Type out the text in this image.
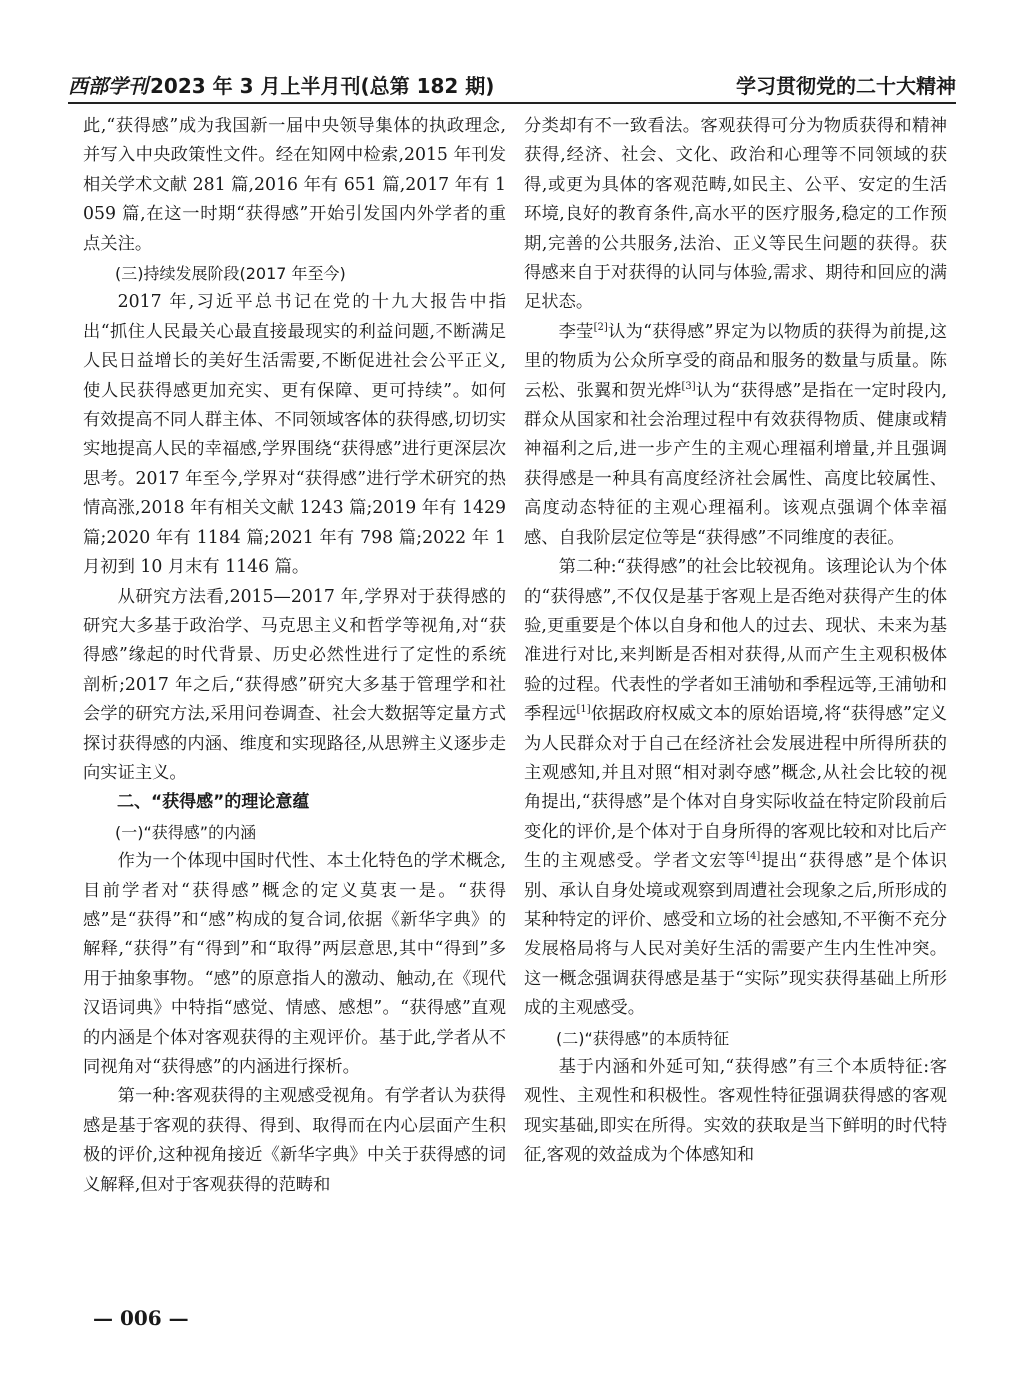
西部学刊 2023 年 3 月上半月刊(总第 182 期)	学习贯彻党的二十大精神

此,“获得感”成为我国新一届中央领导集体的执政理念,并写入中央政策性文件。经在知网中检索,2015 年刊发相关学术文献 281 篇,2016 年有 651 篇,2017 年有 1059 篇,在这一时期“获得感”开始引发国内外学者的重点关注。

(三)持续发展阶段(2017 年至今)

2017 年,习近平总书记在党的十九大报告中指出“抓住人民最关心最直接最现实的利益问题,不断满足人民日益增长的美好生活需要,不断促进社会公平正义,使人民获得感更加充实、更有保障、更可持续”。如何有效提高不同人群主体、不同领域客体的获得感,切切实实地提高人民的幸福感,学界围绕“获得感”进行更深层次思考。2017 年至今,学界对“获得感”进行学术研究的热情高涨,2018 年有相关文献 1243 篇;2019 年有 1429 篇;2020 年有 1184 篇;2021 年有 798 篇;2022 年 1 月初到 10 月末有 1146 篇。

从研究方法看,2015—2017 年,学界对于获得感的研究大多基于政治学、马克思主义和哲学等视角,对“获得感”缘起的时代背景、历史必然性进行了定性的系统剖析;2017 年之后,“获得感”研究大多基于管理学和社会学的研究方法,采用问卷调查、社会大数据等定量方式探讨获得感的内涵、维度和实现路径,从思辨主义逐步走向实证主义。

二、“获得感”的理论意蕴

(一)“获得感”的内涵

作为一个体现中国时代性、本土化特色的学术概念,目前学者对“获得感”概念的定义莫衷一是。“获得感”是“获得”和“感”构成的复合词,依据《新华字典》的解释,“获得”有“得到”和“取得”两层意思,其中“得到”多用于抽象事物。“感”的原意指人的激动、触动,在《现代汉语词典》中特指“感觉、情感、感想”。“获得感”直观的内涵是个体对客观获得的主观评价。基于此,学者从不同视角对“获得感”的内涵进行探析。

第一种:客观获得的主观感受视角。有学者认为获得感是基于客观的获得、得到、取得而在内心层面产生积极的评价,这种视角接近《新华字典》中关于获得感的词义解释,但对于客观获得的范畴和

分类却有不一致看法。客观获得可分为物质获得和精神获得,经济、社会、文化、政治和心理等不同领域的获得,或更为具体的客观范畴,如民主、公平、安定的生活环境,良好的教育条件,高水平的医疗服务,稳定的工作预期,完善的公共服务,法治、正义等民生问题的获得。获得感来自于对获得的认同与体验,需求、期待和回应的满足状态。

李莹[2]认为“获得感”界定为以物质的获得为前提,这里的物质为公众所享受的商品和服务的数量与质量。陈云松、张翼和贺光烨[3]认为“获得感”是指在一定时段内,群众从国家和社会治理过程中有效获得物质、健康或精神福利之后,进一步产生的主观心理福利增量,并且强调获得感是一种具有高度经济社会属性、高度比较属性、高度动态特征的主观心理福利。该观点强调个体幸福感、自我阶层定位等是“获得感”不同维度的表征。

第二种:“获得感”的社会比较视角。该理论认为个体的“获得感”,不仅仅是基于客观上是否绝对获得产生的体验,更重要是个体以自身和他人的过去、现状、未来为基准进行对比,来判断是否相对获得,从而产生主观积极体验的过程。代表性的学者如王浦劬和季程远等,王浦劬和季程远[1]依据政府权威文本的原始语境,将“获得感”定义为人民群众对于自己在经济社会发展进程中所得所获的主观感知,并且对照“相对剥夺感”概念,从社会比较的视角提出,“获得感”是个体对自身实际收益在特定阶段前后变化的评价,是个体对于自身所得的客观比较和对比后产生的主观感受。学者文宏等[4]提出“获得感”是个体识别、承认自身处境或观察到周遭社会现象之后,所形成的某种特定的评价、感受和立场的社会感知,不平衡不充分发展格局将与人民对美好生活的需要产生内生性冲突。这一概念强调获得感是基于“实际”现实获得基础上所形成的主观感受。

(二)“获得感”的本质特征

基于内涵和外延可知,“获得感”有三个本质特征:客观性、主观性和积极性。客观性特征强调获得感的客观现实基础,即实在所得。实效的获取是当下鲜明的时代特征,客观的效益成为个体感知和

— 006 —
